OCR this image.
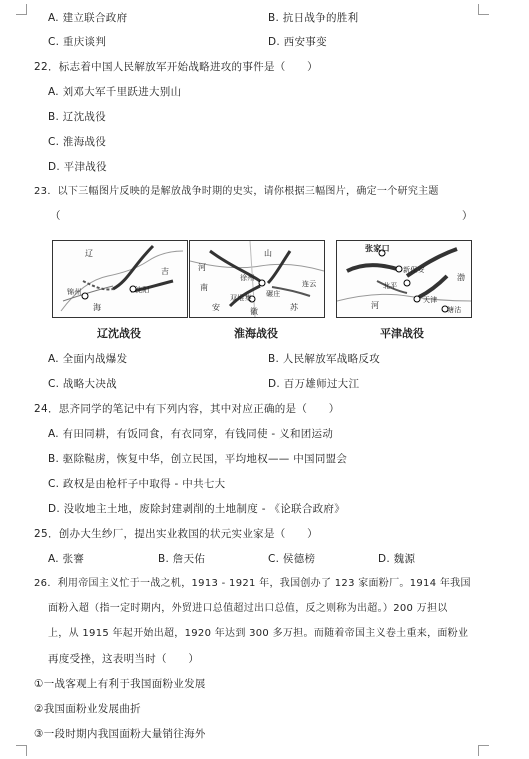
A. 建立联合政府	B. 抗日战争的胜利
C. 重庆谈判	D. 西安事变
22．标志着中国人民解放军开始战略进攻的事件是（　　）
A. 刘邓大军千里跃进大别山
B. 辽沈战役
C. 淮海战役
D. 平津战役
23．以下三幅图片反映的是解放战争时期的史实，请你根据三幅图片，确定一个研究主题
（	）
辽
锦州	沈阳
吉
海
辽沈战役
河
山
南
徐州
碾庄
连云
安
双堆集
苏
徽
淮海战役
张家口
新保安
北平
天津
塘沽
河
渤
平津战役
A. 全面内战爆发	B. 人民解放军战略反攻
C. 战略大决战	D. 百万雄师过大江
24．思齐同学的笔记中有下列内容，其中对应正确的是（　　）
A. 有田同耕，有饭同食，有衣同穿，有钱同使 - 义和团运动
B. 驱除鞑虏，恢复中华，创立民国，平均地权—— 中国同盟会
C. 政权是由枪杆子中取得 - 中共七大
D. 没收地主土地，废除封建剥削的土地制度 - 《论联合政府》
25．创办大生纱厂，提出实业救国的状元实业家是（　　）
A. 张謇	B. 詹天佑	C. 侯德榜	D. 魏源
26．利用帝国主义忙于一战之机，1913 - 1921 年，我国创办了 123 家面粉厂。1914 年我国
面粉入超（指一定时期内，外贸进口总值超过出口总值，反之则称为出超。）200 万担以
上，从 1915 年起开始出超，1920 年达到 300 多万担。而随着帝国主义卷土重来，面粉业
再度受挫，这表明当时（　　）
①一战客观上有利于我国面粉业发展
②我国面粉业发展曲折
③一段时期内我国面粉大量销往海外
